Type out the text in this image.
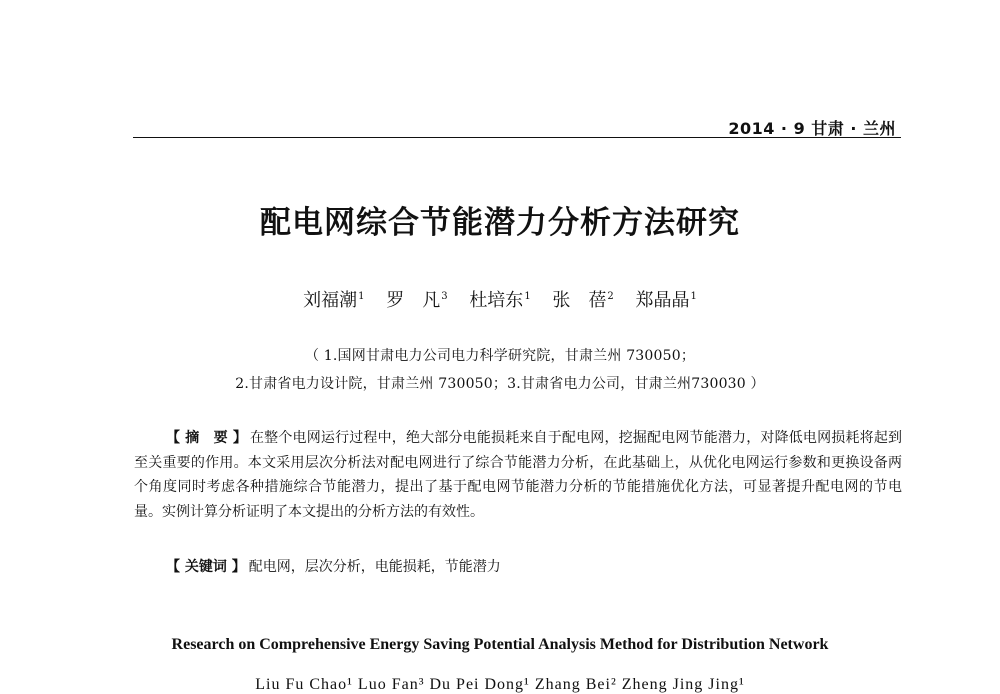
2014 · 9 甘肃 · 兰州
配电网综合节能潜力分析方法研究
刘福潮$^1$ 罗　凡$^3$ 杜培东$^1$ 张　蓓$^2$ 郑晶晶$^1$
（ 1.国网甘肃电力公司电力科学研究院，甘肃兰州 730050；
2.甘肃省电力设计院，甘肃兰州 730050；3.甘肃省电力公司，甘肃兰州730030 ）

【 摘　要 】 在整个电网运行过程中，绝大部分电能损耗来自于配电网，挖掘配电网节能潜力，对降低电网损耗将起到至关重要的作用。本文采用层次分析法对配电网进行了综合节能潜力分析，在此基础上，从优化电网运行参数和更换设备两个角度同时考虑各种措施综合节能潜力，提出了基于配电网节能潜力分析的节能措施优化方法，可显著提升配电网的节电量。实例计算分析证明了本文提出的分析方法的有效性。

【 关键词 】 配电网，层次分析，电能损耗，节能潜力
Research on Comprehensive Energy Saving Potential Analysis Method for Distribution Network
Liu Fu Chao¹ Luo Fan³ Du Pei Dong¹ Zhang Bei² Zheng Jing Jing¹
